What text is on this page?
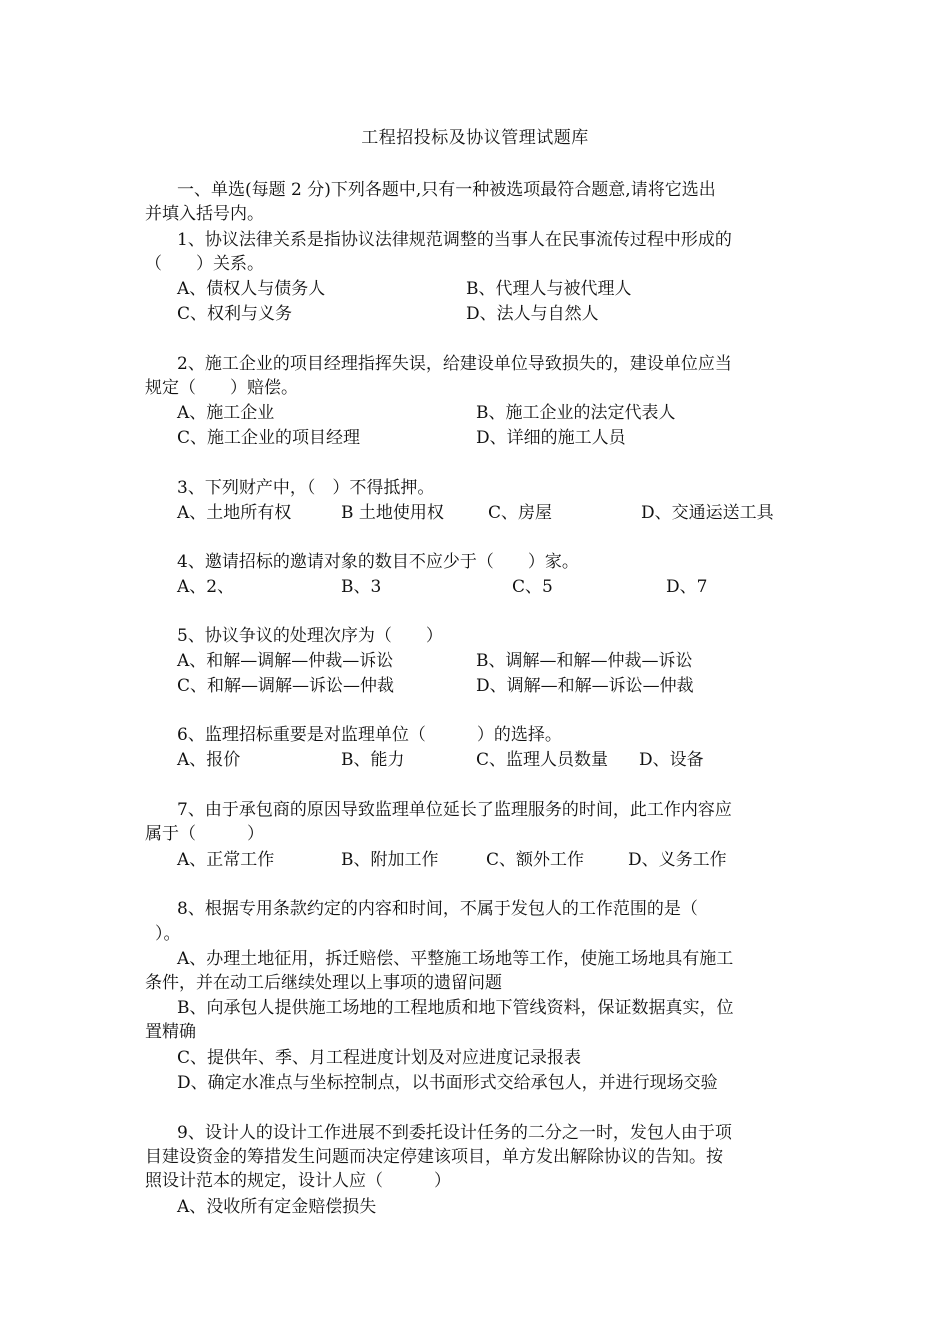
工程招投标及协议管理试题库
一、单选(每题 2 分)下列各题中,只有一种被选项最符合题意,请将它选出
并填入括号内。
1、协议法律关系是指协议法律规范调整的当事人在民事流传过程中形成的
（　　）关系。
A、债权人与债务人	B、代理人与被代理人
C、权利与义务	D、法人与自然人
2、施工企业的项目经理指挥失误，给建设单位导致损失的，建设单位应当
规定（　　）赔偿。
A、施工企业	B、施工企业的法定代表人
C、施工企业的项目经理	D、详细的施工人员
3、下列财产中，（　）不得抵押。
A、土地所有权	B 土地使用权	C、房屋	D、交通运送工具
4、邀请招标的邀请对象的数目不应少于（　　）家。
A、2、	B、3	C、5	D、7
5、协议争议的处理次序为（　　）
A、和解—调解—仲裁—诉讼	B、调解—和解—仲裁—诉讼
C、和解—调解—诉讼—仲裁	D、调解—和解—诉讼—仲裁
6、监理招标重要是对监理单位（　　　）的选择。
A、报价	B、能力	C、监理人员数量 D、设备
7、由于承包商的原因导致监理单位延长了监理服务的时间，此工作内容应
属于（　　　）
A、正常工作	B、附加工作	C、额外工作	D、义务工作
8、根据专用条款约定的内容和时间，不属于发包人的工作范围的是（
）。
A、办理土地征用，拆迁赔偿、平整施工场地等工作，使施工场地具有施工
条件，并在动工后继续处理以上事项的遗留问题
B、向承包人提供施工场地的工程地质和地下管线资料，保证数据真实，位
置精确
C、提供年、季、月工程进度计划及对应进度记录报表
D、确定水准点与坐标控制点，以书面形式交给承包人，并进行现场交验
9、设计人的设计工作进展不到委托设计任务的二分之一时，发包人由于项
目建设资金的筹措发生问题而决定停建该项目，单方发出解除协议的告知。按
照设计范本的规定，设计人应（　　　）
A、没收所有定金赔偿损失
